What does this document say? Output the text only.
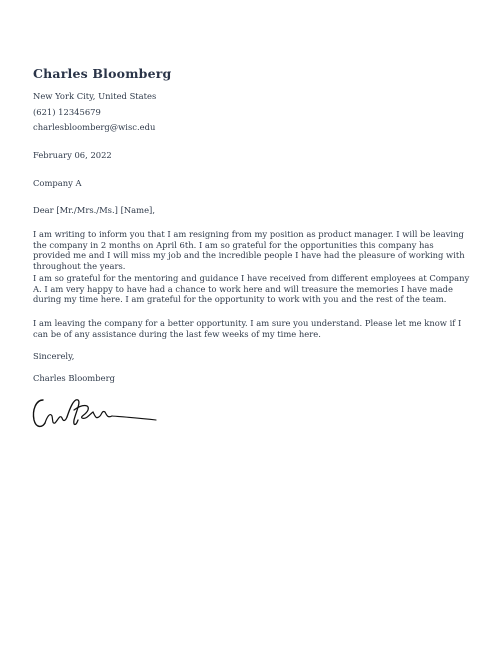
Charles Bloomberg
New York City, United States
(621) 12345679
charlesbloomberg@wisc.edu
February 06, 2022
Company A
Dear [Mr./Mrs./Ms.] [Name],

I am writing to inform you that I am resigning from my position as product manager. I will be leaving the company in 2 months on April 6th. I am so grateful for the opportunities this company has provided me and I will miss my job and the incredible people I have had the pleasure of working with throughout the years.

I am so grateful for the mentoring and guidance I have received from different employees at Company A. I am very happy to have had a chance to work here and will treasure the memories I have made during my time here. I am grateful for the opportunity to work with you and the rest of the team.

I am leaving the company for a better opportunity. I am sure you understand. Please let me know if I can be of any assistance during the last few weeks of my time here.

Sincerely,
Charles Bloomberg
